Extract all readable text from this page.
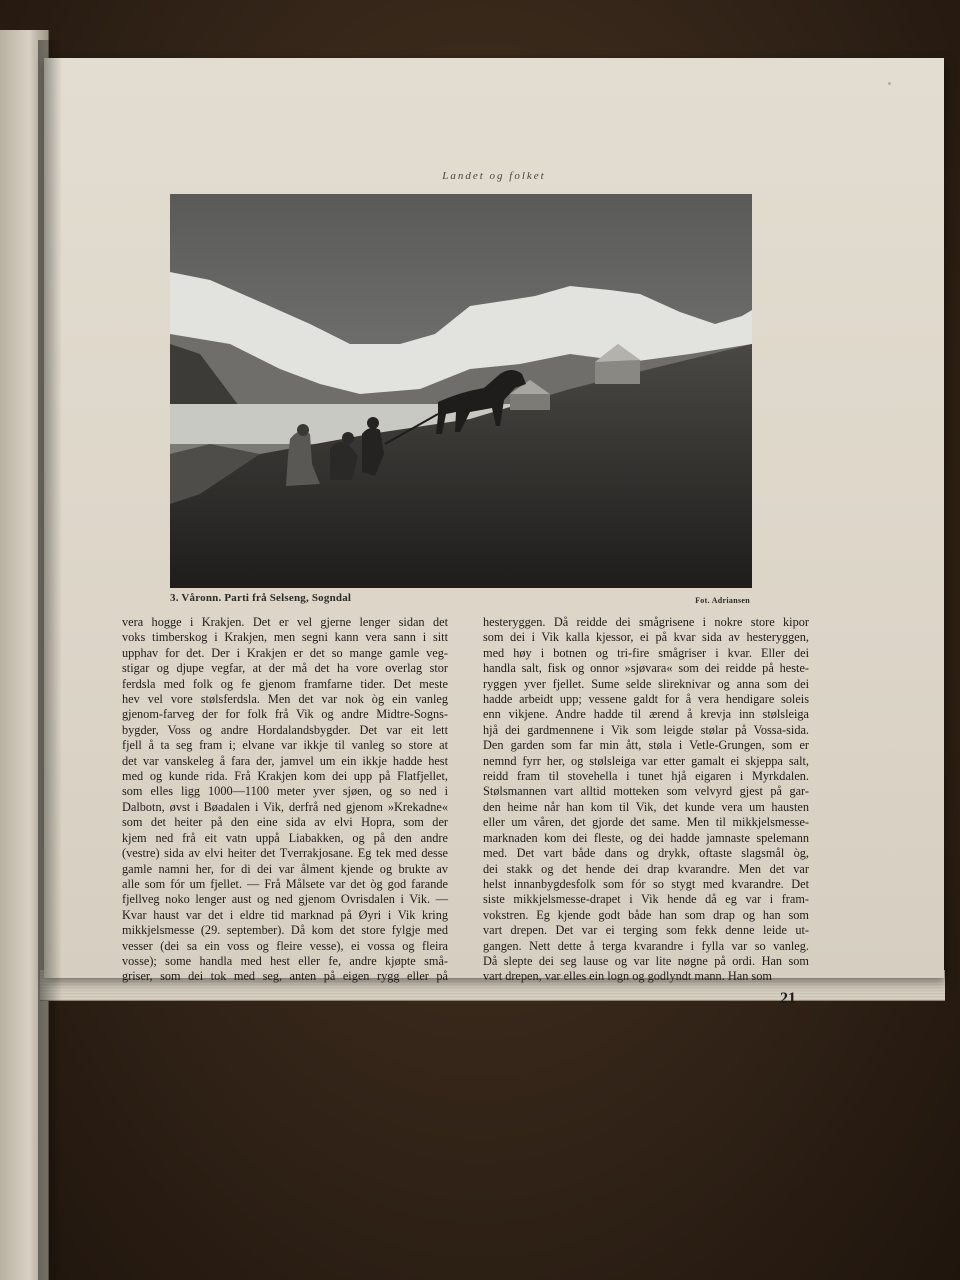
Landet og folket
3. Våronn. Parti frå Selseng, Sogndal	Fot. Adriansen
vera hogge i Krakjen. Det er vel gjerne lenger sidan det
voks timberskog i Krakjen, men segni kann vera sann i sitt
upphav for det. Der i Krakjen er det so mange gamle veg-
stigar og djupe vegfar, at der må det ha vore overlag stor
ferdsla med folk og fe gjenom framfarne tider. Det meste
hev vel vore stølsferdsla. Men det var nok òg ein vanleg
gjenom-farveg der for folk frå Vik og andre Midtre-Sogns-
bygder, Voss og andre Hordalandsbygder. Det var eit lett
fjell å ta seg fram i; elvane var ikkje til vanleg so store at
det var vanskeleg å fara der, jamvel um ein ikkje hadde hest
med og kunde rida. Frå Krakjen kom dei upp på Flatfjellet,
som elles ligg 1000—1100 meter yver sjøen, og so ned i
Dalbotn, øvst i Bøadalen i Vik, derfrå ned gjenom »Krekadne«
som det heiter på den eine sida av elvi Hopra, som der
kjem ned frå eit vatn uppå Liabakken, og på den andre
(vestre) sida av elvi heiter det Tverrakjosane. Eg tek med desse
gamle namni her, for di dei var ålment kjende og brukte av
alle som fór um fjellet. — Frå Målsete var det òg god farande
fjellveg noko lenger aust og ned gjenom Ovrisdalen i Vik. —
Kvar haust var det i eldre tid marknad på Øyri i Vik kring
mikkjelsmesse (29. september). Då kom det store fylgje med
vesser (dei sa ein voss og fleire vesse), ei vossa og fleira
vosse); some handla med hest eller fe, andre kjøpte små-
griser, som dei tok med seg, anten på eigen rygg eller på
hesteryggen. Då reidde dei smågrisene i nokre store kipor
som dei i Vik kalla kjessor, ei på kvar sida av hesteryggen,
med høy i botnen og tri-fire smågriser i kvar. Eller dei
handla salt, fisk og onnor »sjøvara« som dei reidde på heste-
ryggen yver fjellet. Sume selde slireknivar og anna som dei
hadde arbeidt upp; vessene galdt for å vera hendigare soleis
enn vikjene. Andre hadde til ærend å krevja inn stølsleiga
hjå dei gardmennene i Vik som leigde stølar på Vossa-sida.
Den garden som far min ått, støla i Vetle-Grungen, som er
nemnd fyrr her, og stølsleiga var etter gamalt ei skjeppa salt,
reidd fram til stovehella i tunet hjå eigaren i Myrkdalen.
Stølsmannen vart alltid motteken som velvyrd gjest på gar-
den heime når han kom til Vik, det kunde vera um hausten
eller um våren, det gjorde det same. Men til mikkjelsmesse-
marknaden kom dei fleste, og dei hadde jamnaste spelemann
med. Det vart både dans og drykk, oftaste slagsmål òg,
dei stakk og det hende dei drap kvarandre. Men det var
helst innanbygdesfolk som fór so stygt med kvarandre. Det
siste mikkjelsmesse-drapet i Vik hende då eg var i fram-
vokstren. Eg kjende godt både han som drap og han som
vart drepen. Det var ei terging som fekk denne leide ut-
gangen. Nett dette å terga kvarandre i fylla var so vanleg.
Då slepte dei seg lause og var lite nøgne på ordi. Han som
vart drepen, var elles ein logn og godlyndt mann. Han som
21
